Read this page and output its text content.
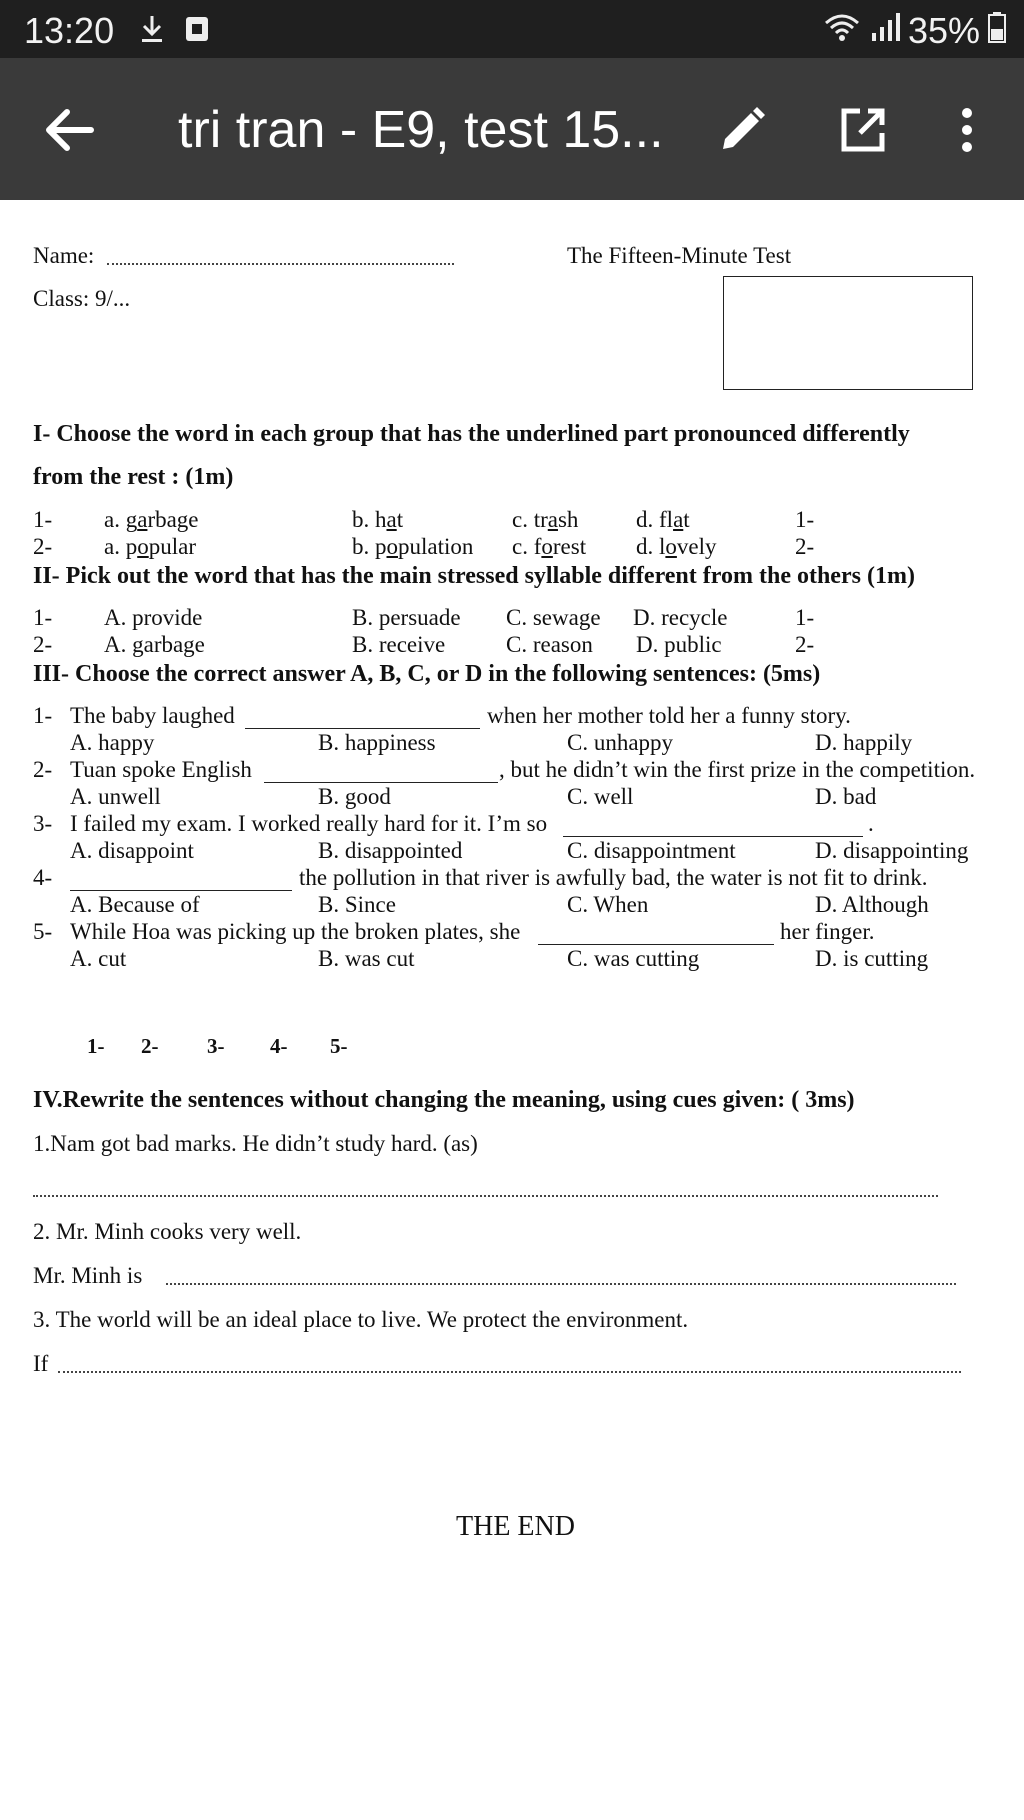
13:20	35%
tri tran - E9, test 15...
Name:	The Fifteen-Minute Test
Class: 9/...
I- Choose the word in each group that has the underlined part pronounced differently
from the rest : (1m)
1- a. garbage	b. hat	c. trash	d. flat	1-
2- a. popular	b. population c. forest d. lovely	2-
II- Pick out the word that has the main stressed syllable different from the others (1m)
1- A. provide	B. persuade C. sewage D. recycle	1-
2- A. garbage	B. receive	C. reason D. public	2-
III- Choose the correct answer A, B, C, or D in the following sentences: (5ms)
1- The baby laughed	when her mother told her a funny story.
A. happy	B. happiness	C. unhappy	D. happily
2- Tuan spoke English	, but he didn’t win the first prize in the competition.
A. unwell	B. good	C. well	D. bad
3- I failed my exam. I worked really hard for it. I’m so	.
A. disappoint	B. disappointed	C. disappointment	D. disappointing
4-	the pollution in that river is awfully bad, the water is not fit to drink.
A. Because of	B. Since	C. When	D. Although
5- While Hoa was picking up the broken plates, she	her finger.
A. cut	B. was cut	C. was cutting	D. is cutting
1- 2- 3- 4- 5-
IV.Rewrite the sentences without changing the meaning, using cues given: ( 3ms)
1.Nam got bad marks. He didn’t study hard. (as)
2. Mr. Minh cooks very well.
Mr. Minh is
3. The world will be an ideal place to live. We protect the environment.
If
THE END
